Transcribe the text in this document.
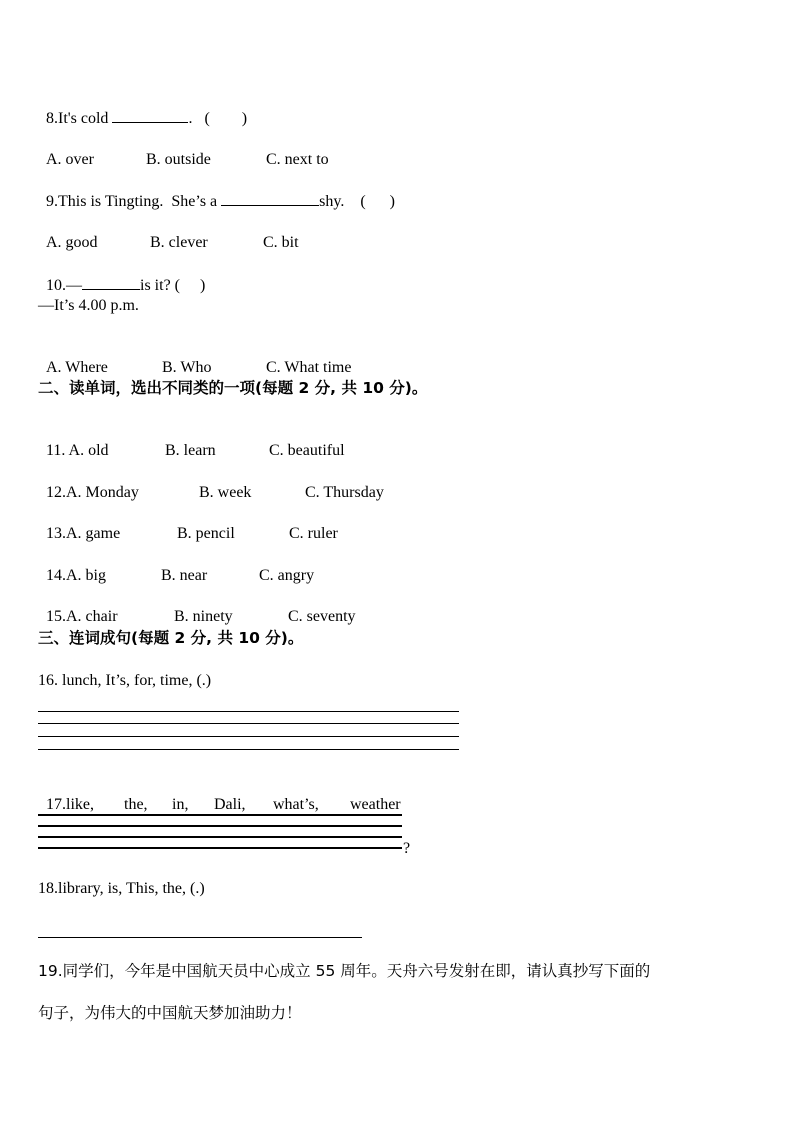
8.It's cold	.   (        )

A. over	B. outside	C. next to

9.This is Tingting.  She’s a	shy.    (      )

A. good	B. clever	C. bit

10.—	is it? (     )

—It’s 4.00 p.m.

A. Where	B. Who	C. What time

二、读单词，选出不同类的一项(每题 2 分, 共 10 分)。

11. A. old	B. learn	C. beautiful

12.A. Monday	B. week	C. Thursday

13.A. game	B. pencil	C. ruler

14.A. big	B. near	C. angry

15.A. chair	B. ninety	C. seventy

三、连词成句(每题 2 分, 共 10 分)。
16. lunch, It’s, for, time, (.)

17.like, the, in, Dali, what’s, weather

?
18.library, is, This, the, (.)
19.同学们，今年是中国航天员中心成立 55 周年。天舟六号发射在即，请认真抄写下面的
句子，为伟大的中国航天梦加油助力！
